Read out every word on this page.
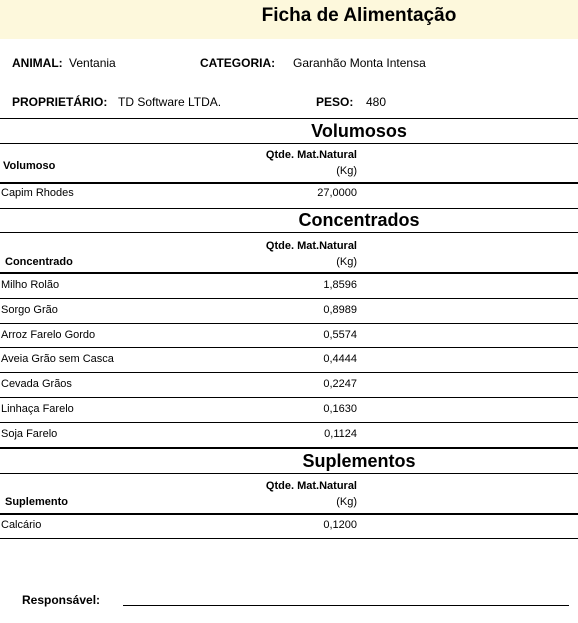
Ficha de Alimentação
ANIMAL: Ventania	CATEGORIA: Garanhão Monta Intensa
PROPRIETÁRIO: TD Software LTDA.	PESO: 480
Volumosos
Volumoso
Qtde. Mat.Natural
(Kg)
Capim Rhodes	27,0000
Concentrados
Concentrado
Qtde. Mat.Natural
(Kg)
Milho Rolão	1,8596
Sorgo Grão	0,8989
Arroz Farelo Gordo	0,5574
Aveia Grão sem Casca	0,4444
Cevada Grãos	0,2247
Linhaça Farelo	0,1630
Soja Farelo	0,1124
Suplementos
Suplemento
Qtde. Mat.Natural
(Kg)
Calcário	0,1200
Responsável:
